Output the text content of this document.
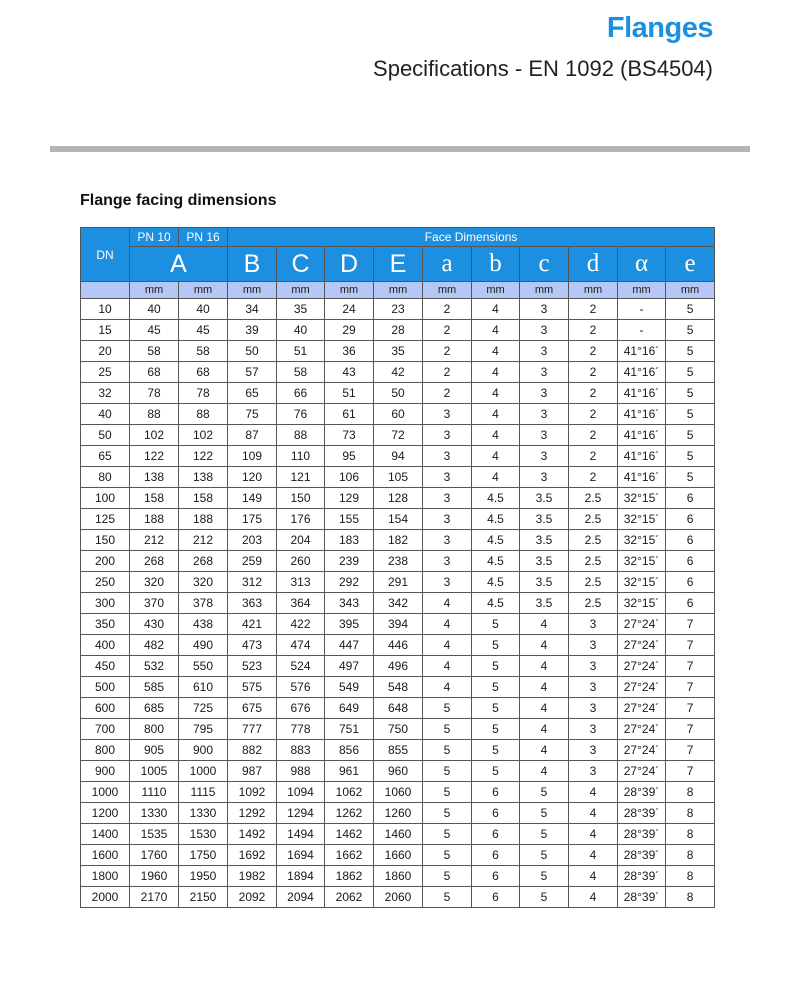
Flanges
Specifications - EN 1092 (BS4504)
Flange facing dimensions
DN	PN 10	PN 16	Face Dimensions									
	A		B	C	D	E	a	b	c	d	α	e
	mm	mm	mm	mm	mm	mm	mm	mm	mm	mm	mm	mm
10	40	40	34	35	24	23	2	4	3	2	-	5
15	45	45	39	40	29	28	2	4	3	2	-	5
20	58	58	50	51	36	35	2	4	3	2	41°16´	5
25	68	68	57	58	43	42	2	4	3	2	41°16´	5
32	78	78	65	66	51	50	2	4	3	2	41°16´	5
40	88	88	75	76	61	60	3	4	3	2	41°16´	5
50	102	102	87	88	73	72	3	4	3	2	41°16´	5
65	122	122	109	110	95	94	3	4	3	2	41°16´	5
80	138	138	120	121	106	105	3	4	3	2	41°16´	5
100	158	158	149	150	129	128	3	4.5	3.5	2.5	32°15´	6
125	188	188	175	176	155	154	3	4.5	3.5	2.5	32°15´	6
150	212	212	203	204	183	182	3	4.5	3.5	2.5	32°15´	6
200	268	268	259	260	239	238	3	4.5	3.5	2.5	32°15´	6
250	320	320	312	313	292	291	3	4.5	3.5	2.5	32°15´	6
300	370	378	363	364	343	342	4	4.5	3.5	2.5	32°15´	6
350	430	438	421	422	395	394	4	5	4	3	27°24´	7
400	482	490	473	474	447	446	4	5	4	3	27°24´	7
450	532	550	523	524	497	496	4	5	4	3	27°24´	7
500	585	610	575	576	549	548	4	5	4	3	27°24´	7
600	685	725	675	676	649	648	5	5	4	3	27°24´	7
700	800	795	777	778	751	750	5	5	4	3	27°24´	7
800	905	900	882	883	856	855	5	5	4	3	27°24´	7
900	1005	1000	987	988	961	960	5	5	4	3	27°24´	7
1000	1110	1115	1092	1094	1062	1060	5	6	5	4	28°39´	8
1200	1330	1330	1292	1294	1262	1260	5	6	5	4	28°39´	8
1400	1535	1530	1492	1494	1462	1460	5	6	5	4	28°39´	8
1600	1760	1750	1692	1694	1662	1660	5	6	5	4	28°39´	8
1800	1960	1950	1982	1894	1862	1860	5	6	5	4	28°39´	8
2000	2170	2150	2092	2094	2062	2060	5	6	5	4	28°39´	8
